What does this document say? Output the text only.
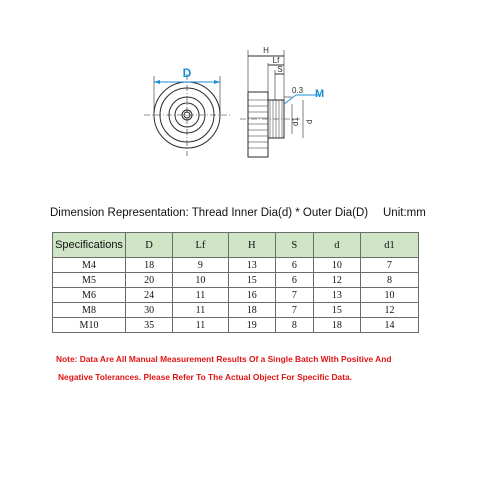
D
H
Lf
S
0.3 M
d1 d
Dimension Representation: Thread Inner Dia(d) * Outer Dia(D)	Unit:mm
Specifications	D	Lf	H	S	d	d1
M4	18	9	13	6	10	7
M5	20	10	15	6	12	8
M6	24	11	16	7	13	10
M8	30	11	18	7	15	12
M10	35	11	19	8	18	14
Note: Data Are All Manual Measurement Results Of a Single Batch With Positive And
Negative Tolerances. Please Refer To The Actual Object For Specific Data.
